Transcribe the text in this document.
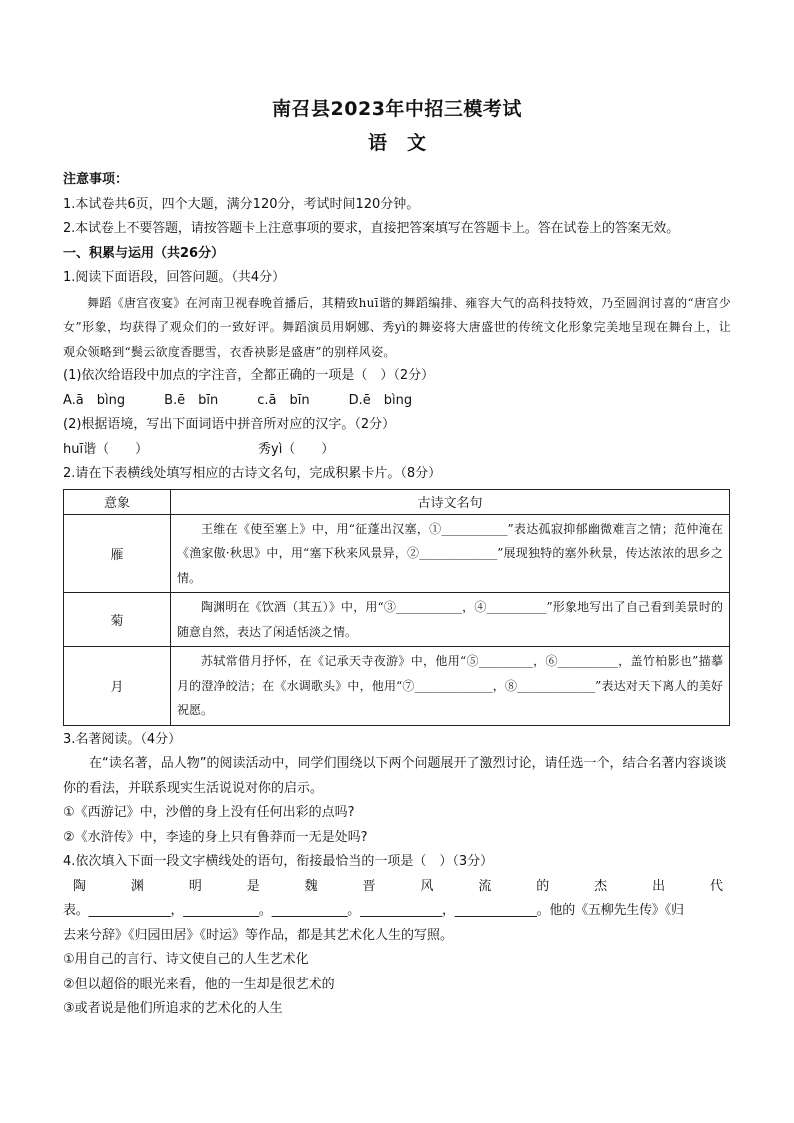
南召县2023年中招三模考试

语文

注意事项：

1.本试卷共6页，四个大题，满分120分，考试时间120分钟。

2.本试卷上不要答题，请按答题卡上注意事项的要求，直接把答案填写在答题卡上。答在试卷上的答案无效。

一、积累与运用（共26分）

1.阅读下面语段，回答问题。（共4分）

舞蹈《唐宫夜宴》在河南卫视春晚首播后，其精致huī谐的舞蹈编排、雍容大气的高科技特效，乃至圆润讨喜的“唐宫少女”形象，均获得了观众们的一致好评。舞蹈演员用婀娜、秀yì的舞姿将大唐盛世的传统文化形象完美地呈现在舞台上，让观众领略到“鬓云欲度香腮雪，衣香袂影是盛唐”的别样风姿。

(1)依次给语段中加点的字注音，全都正确的一项是（　）（2分）

A.ā　bìng　　　B.ē　bīn　　　c.ā　bīn　　　D.ē　bìng

(2)根据语境，写出下面词语中拼音所对应的汉字。（2分）

huī谐（　　）	秀yì（　　）

2.请在下表横线处填写相应的古诗文名句，完成积累卡片。（8分）

意象	古诗文名句
雁	王维在《使至塞上》中，用“征蓬出汉塞，①___________”表达孤寂抑郁幽微难言之情；范仲淹在《渔家傲·秋思》中，用“塞下秋来风景异，②_____________”展现独特的塞外秋景，传达浓浓的思乡之情。
菊	陶渊明在《饮酒（其五）》中，用“③___________，④__________”形象地写出了自己看到美景时的随意自然，表达了闲适恬淡之情。
月	苏轼常借月抒怀，在《记承天寺夜游》中，他用“⑤_________，⑥__________，盖竹柏影也”描摹月的澄净皎洁；在《水调歌头》中，他用“⑦_____________，⑧_____________”表达对天下离人的美好祝愿。

3.名著阅读。（4分）

在“读名著，品人物”的阅读活动中，同学们围绕以下两个问题展开了激烈讨论，请任选一个，结合名著内容谈谈你的看法，并联系现实生活说说对你的启示。

①《西游记》中，沙僧的身上没有任何出彩的点吗?

②《水浒传》中，李逵的身上只有鲁莽而一无是处吗?

4.依次填入下面一段文字横线处的语句，衔接最恰当的一项是（　）（3分）

陶	渊	明	是	魏	晋	风	流	的	杰	出	代

表。_____________，____________。____________。_____________，_____________。他的《五柳先生传》《归

去来兮辞》《归园田居》《时运》等作品，都是其艺术化人生的写照。

①用自己的言行、诗文使自己的人生艺术化

②但以超俗的眼光来看，他的一生却是很艺术的

③或者说是他们所追求的艺术化的人生
